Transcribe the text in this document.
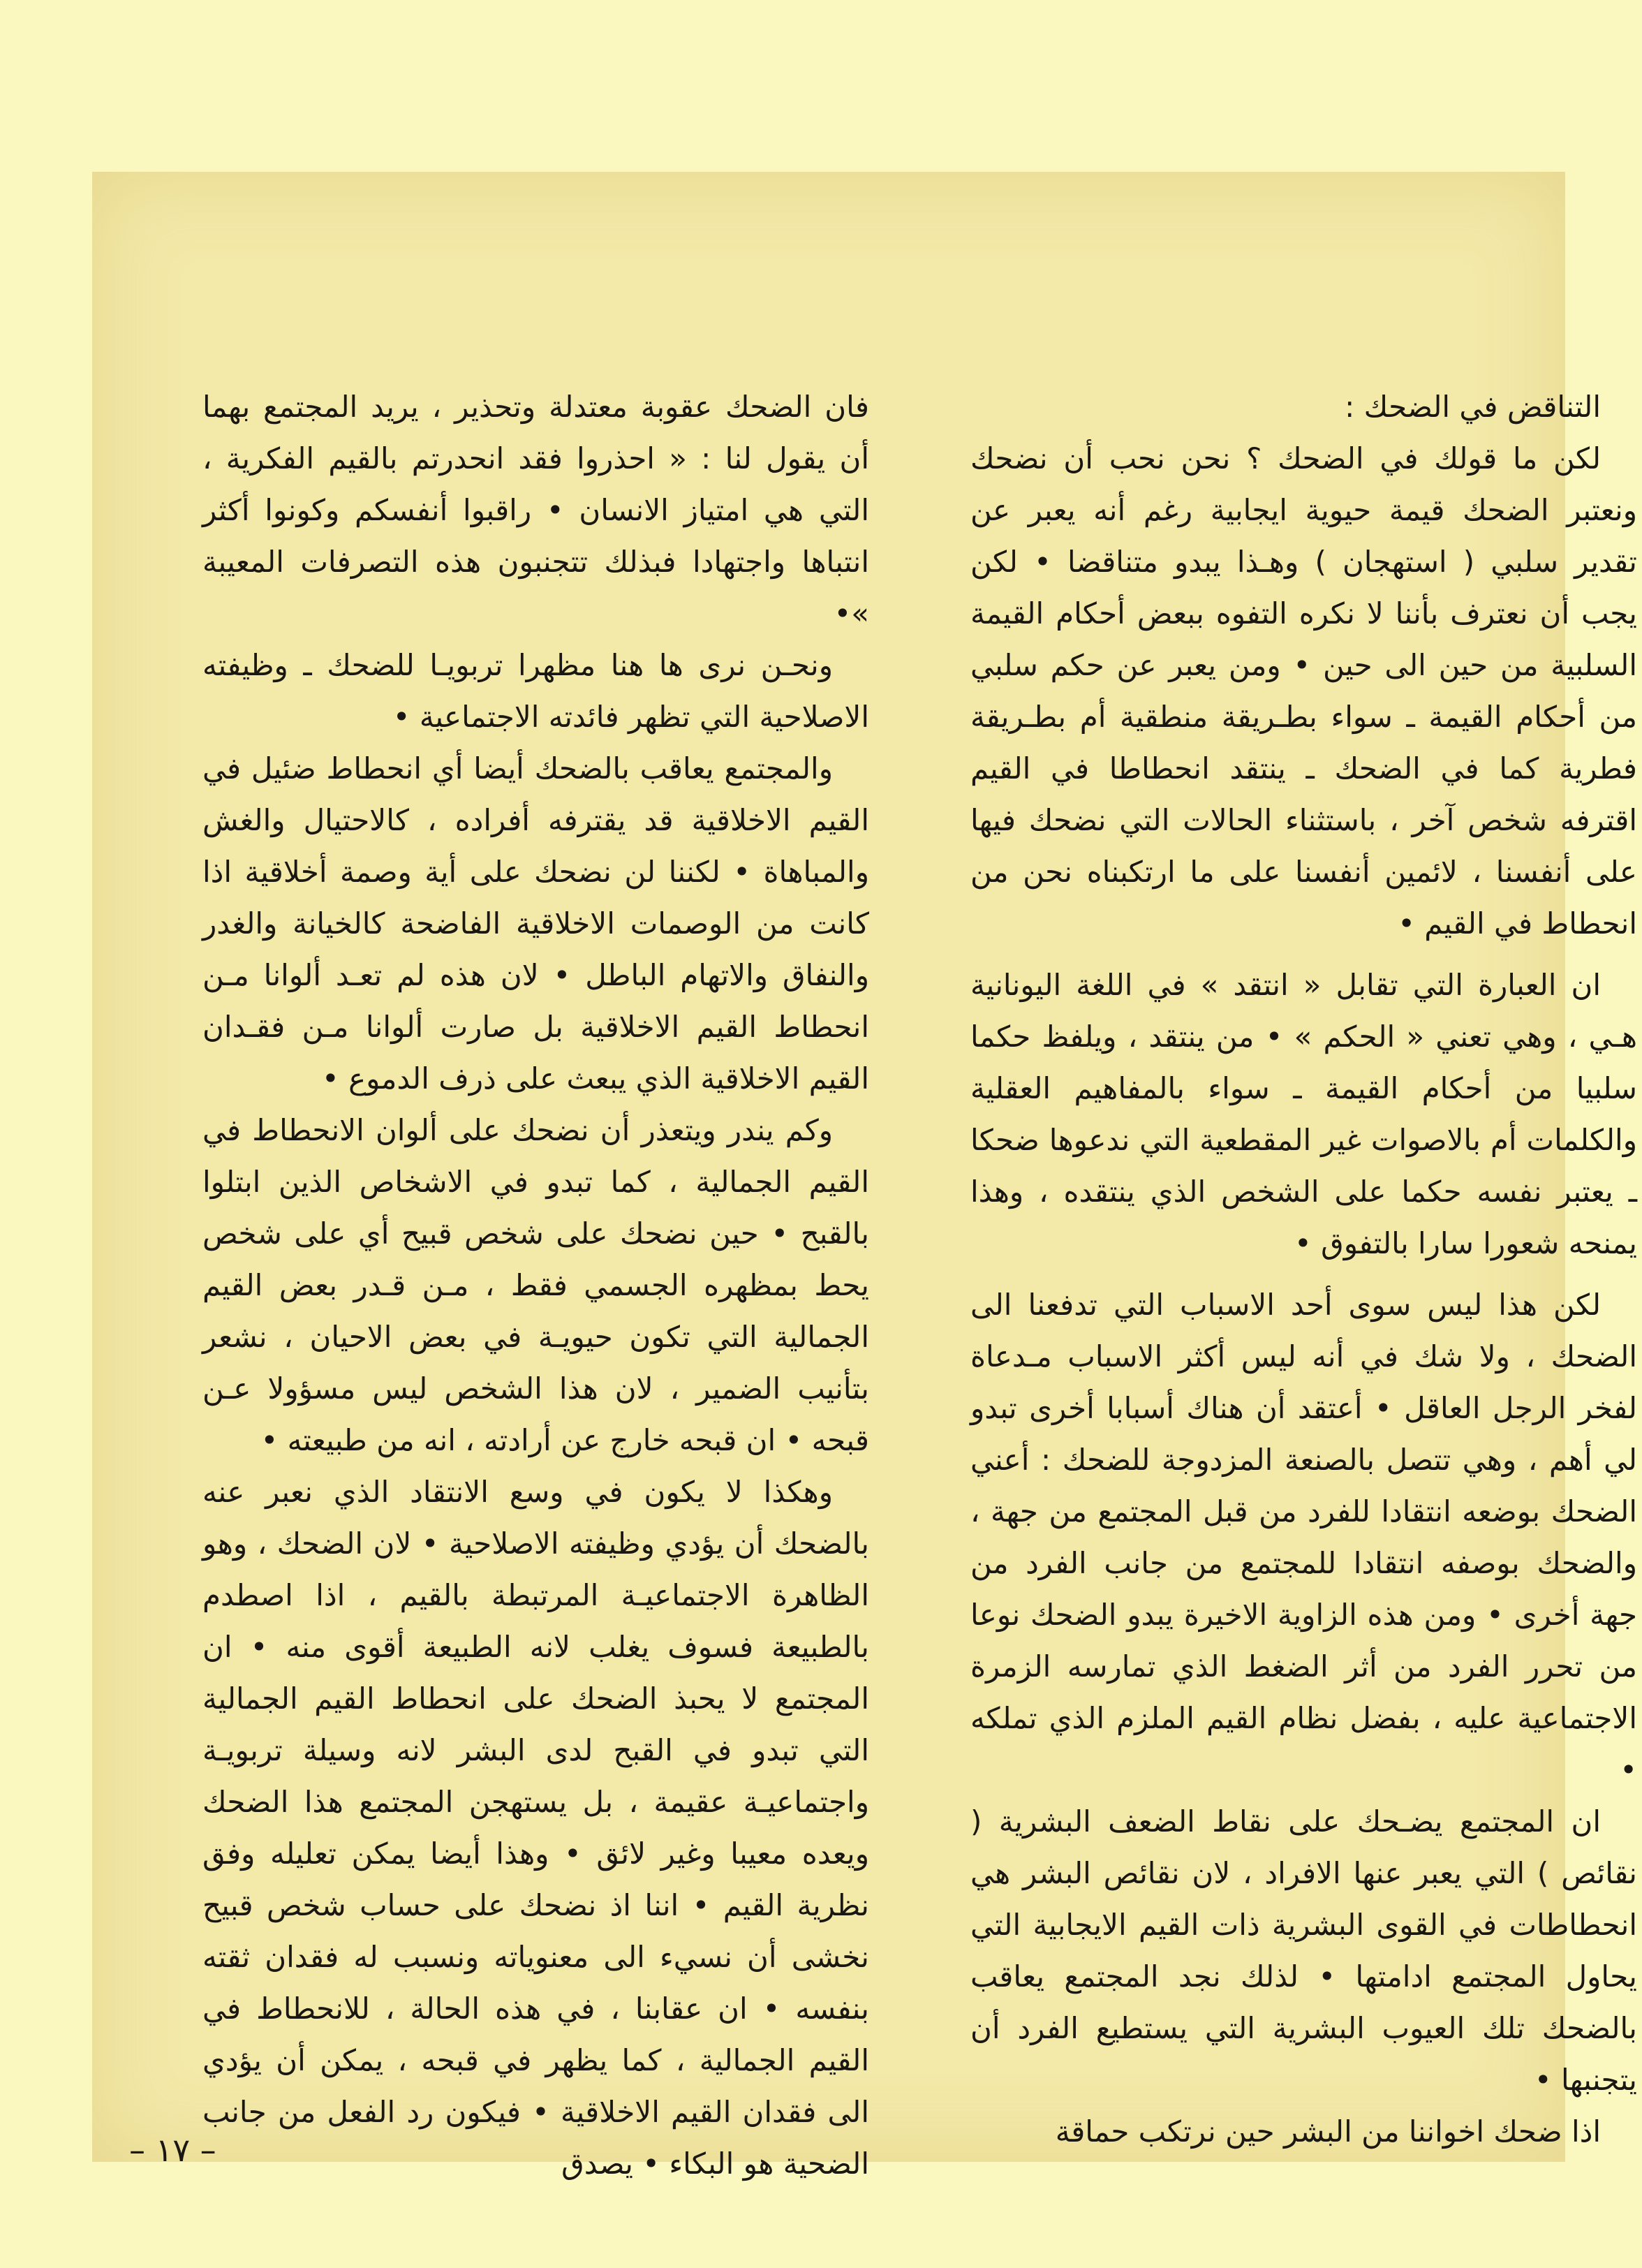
التناقض في الضحك :

لكن ما قولك في الضحك ؟ نحن نحب أن نضحك ونعتبر الضحك قيمة حيوية ايجابية رغم أنه يعبر عن تقدير سلبي ( استهجان ) وهـذا يبدو متناقضا • لكن يجب أن نعترف بأننا لا نكره التفوه ببعض أحكام القيمة السلبية من حين الى حين • ومن يعبر عن حكم سلبي من أحكام القيمة ـ سواء بطـريقة منطقية أم بطـريقة فطرية كما في الضحك ـ ينتقد انحطاطا في القيم اقترفه شخص آخر ، باستثناء الحالات التي نضحك فيها على أنفسنا ، لائمين أنفسنا على ما ارتكبناه نحن من انحطاط في القيم •

ان العبارة التي تقابل « انتقد » في اللغة اليونانية هـي ، وهي تعني « الحكم » • من ينتقد ، ويلفظ حكما سلبيا من أحكام القيمة ـ سواء بالمفاهيم العقلية والكلمات أم بالاصوات غير المقطعية التي ندعوها ضحكا ـ يعتبر نفسه حكما على الشخص الذي ينتقده ، وهذا يمنحه شعورا سارا بالتفوق •

لكن هذا ليس سوى أحد الاسباب التي تدفعنا الى الضحك ، ولا شك في أنه ليس أكثر الاسباب مـدعاة لفخر الرجل العاقل • أعتقد أن هناك أسبابا أخرى تبدو لي أهم ، وهي تتصل بالصنعة المزدوجة للضحك : أعني الضحك بوضعه انتقادا للفرد من قبل المجتمع من جهة ، والضحك بوصفه انتقادا للمجتمع من جانب الفرد من جهة أخرى • ومن هذه الزاوية الاخيرة يبدو الضحك نوعا من تحرر الفرد من أثر الضغط الذي تمارسه الزمرة الاجتماعية عليه ، بفضل نظام القيم الملزم الذي تملكه •

ان المجتمع يضـحك على نقاط الضعف البشرية ( نقائص ) التي يعبر عنها الافراد ، لان نقائص البشر هي انحطاطات في القوى البشرية ذات القيم الايجابية التي يحاول المجتمع ادامتها • لذلك نجد المجتمع يعاقب بالضحك تلك العيوب البشرية التي يستطيع الفرد أن يتجنبها •

اذا ضحك اخواننا من البشر حين نرتكب حماقة

فان الضحك عقوبة معتدلة وتحذير ، يريد المجتمع بهما أن يقول لنا : « احذروا فقد انحدرتم بالقيم الفكرية ، التي هي امتياز الانسان • راقبوا أنفسكم وكونوا أكثر انتباها واجتهادا فبذلك تتجنبون هذه التصرفات المعيبة »•

ونحـن نرى ها هنا مظهرا تربويـا للضحك ـ وظيفته الاصلاحية التي تظهر فائدته الاجتماعية •

والمجتمع يعاقب بالضحك أيضا أي انحطاط ضئيل في القيم الاخلاقية قد يقترفه أفراده ، كالاحتيال والغش والمباهاة • لكننا لن نضحك على أية وصمة أخلاقية اذا كانت من الوصمات الاخلاقية الفاضحة كالخيانة والغدر والنفاق والاتهام الباطل • لان هذه لم تعـد ألوانا مـن انحطاط القيم الاخلاقية بل صارت ألوانا مـن فقـدان القيم الاخلاقية الذي يبعث على ذرف الدموع •

وكم يندر ويتعذر أن نضحك على ألوان الانحطاط في القيم الجمالية ، كما تبدو في الاشخاص الذين ابتلوا بالقبح • حين نضحك على شخص قبيح أي على شخص يحط بمظهره الجسمي فقط ، مـن قـدر بعض القيم الجمالية التي تكون حيويـة في بعض الاحيان ، نشعر بتأنيب الضمير ، لان هذا الشخص ليس مسؤولا عـن قبحه • ان قبحه خارج عن أرادته ، انه من طبيعته •

وهكذا لا يكون في وسع الانتقاد الذي نعبر عنه بالضحك أن يؤدي وظيفته الاصلاحية • لان الضحك ، وهو الظاهرة الاجتماعيـة المرتبطة بالقيم ، اذا اصطدم بالطبيعة فسوف يغلب لانه الطبيعة أقوى منه • ان المجتمع لا يحبذ الضحك على انحطاط القيم الجمالية التي تبدو في القبح لدى البشر لانه وسيلة تربويـة واجتماعيـة عقيمة ، بل يستهجن المجتمع هذا الضحك ويعده معيبا وغير لائق • وهذا أيضا يمكن تعليله وفق نظرية القيم • اننا اذ نضحك على حساب شخص قبيح نخشى أن نسيء الى معنوياته ونسبب له فقدان ثقته بنفسه • ان عقابنا ، في هذه الحالة ، للانحطاط في القيم الجمالية ، كما يظهر في قبحه ، يمكن أن يؤدي الى فقدان القيم الاخلاقية • فيكون رد الفعل من جانب الضحية هو البكاء • يصدق

– ١٧ –
